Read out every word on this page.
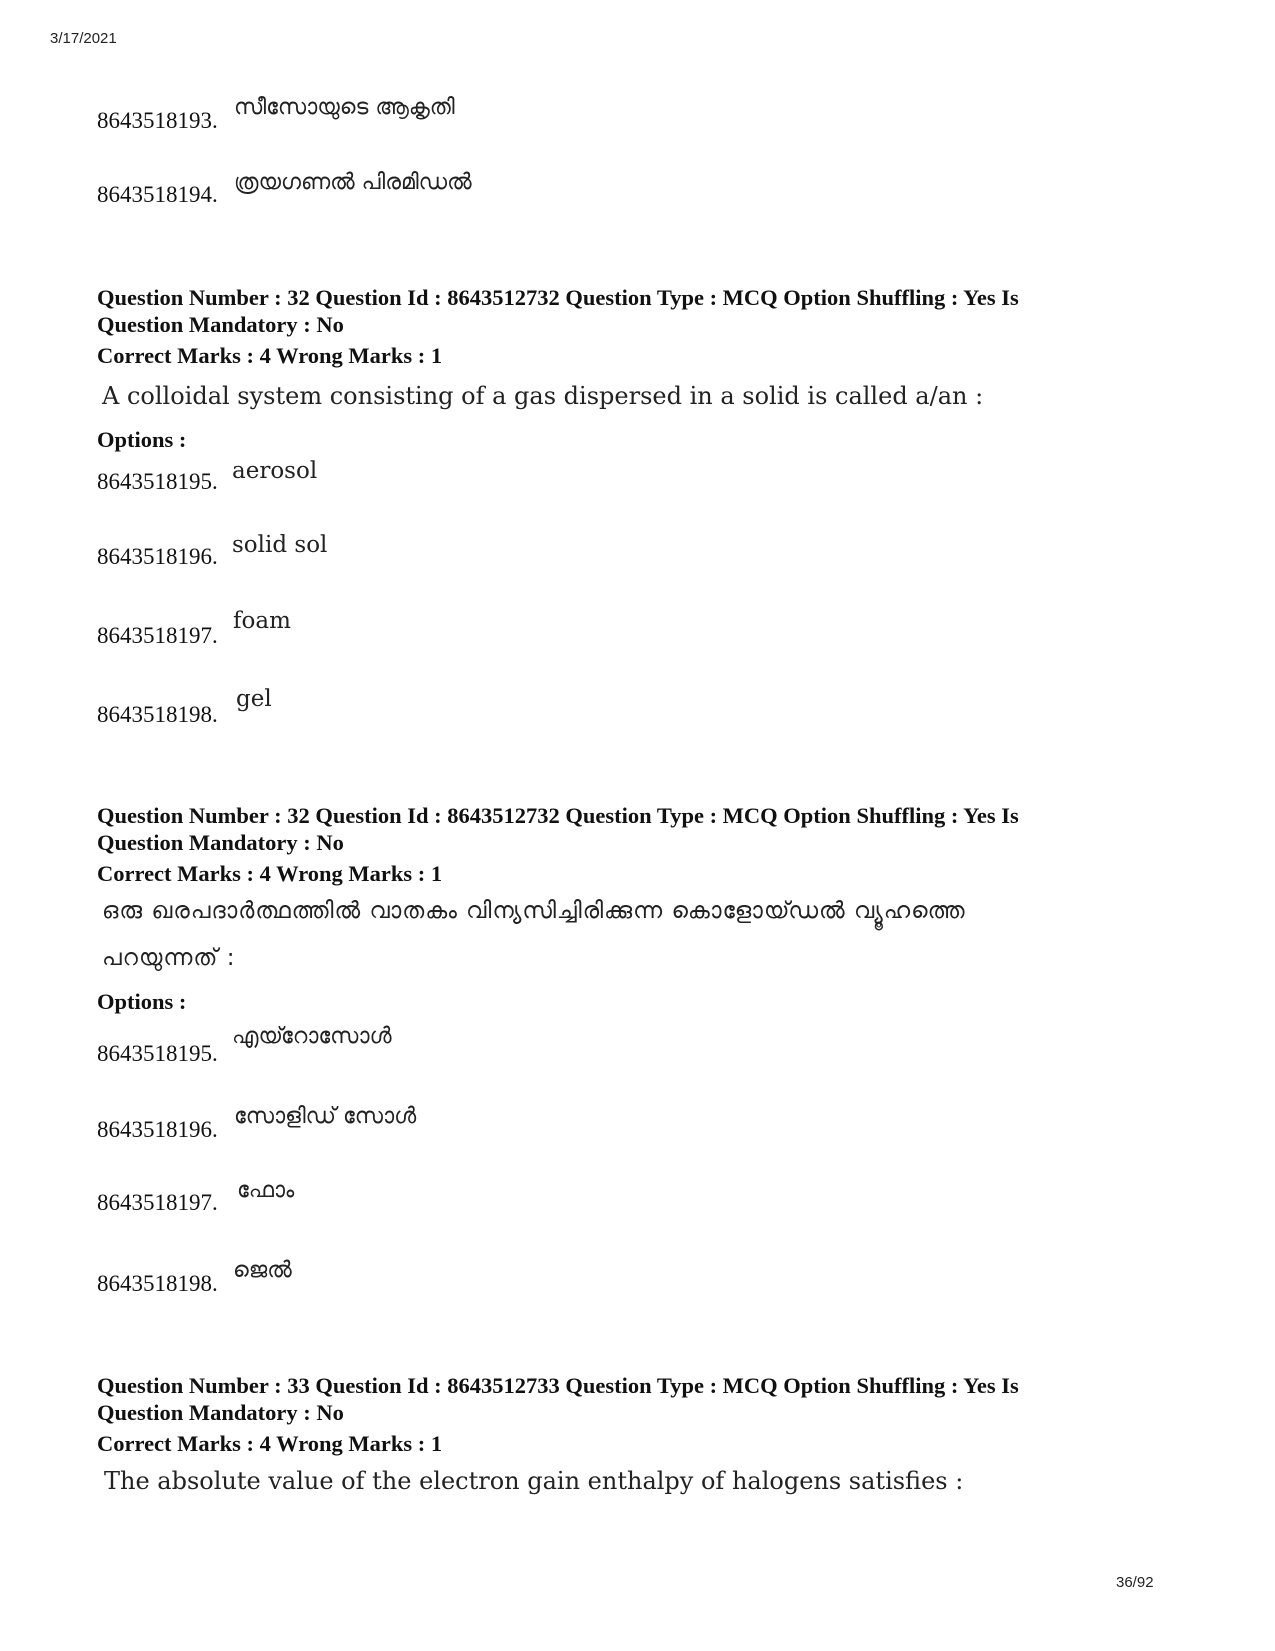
3/17/2021
8643518193.
സീസോയുടെ ആകൃതി
8643518194. ത്രയഗണൽ പിരമിഡൽ
Question Number : 32 Question Id : 8643512732 Question Type : MCQ Option Shuffling : Yes Is
Question Mandatory : No
Correct Marks : 4 Wrong Marks : 1
A colloidal system consisting of a gas dispersed in a solid is called a/an :
Options :
8643518195. aerosol
8643518196. solid sol
8643518197.
foam
8643518198.
gel
Question Number : 32 Question Id : 8643512732 Question Type : MCQ Option Shuffling : Yes Is
Question Mandatory : No
Correct Marks : 4 Wrong Marks : 1
ഒരു ഖരപദാർത്ഥത്തിൽ വാതകം വിന്യസിച്ചിരിക്കുന്ന കൊളോയ്ഡൽ വ്യൂഹത്തെ
പറയുന്നത് :
Options :
8643518195.
എയ്റോസോൾ
8643518196.
സോളിഡ് സോൾ
8643518197. ഫോം
8643518198.
ജെൽ
Question Number : 33 Question Id : 8643512733 Question Type : MCQ Option Shuffling : Yes Is
Question Mandatory : No
Correct Marks : 4 Wrong Marks : 1
The absolute value of the electron gain enthalpy of halogens satisfies :
36/92
